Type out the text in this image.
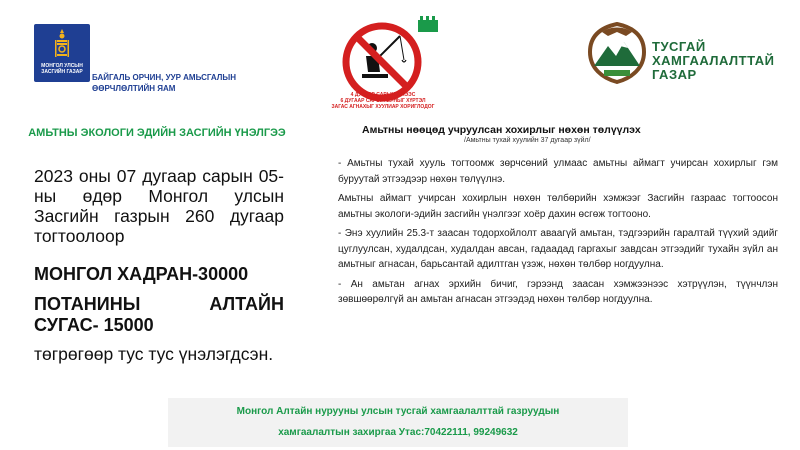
МОНГОЛ УЛСЫН ЗАСГИЙН ГАЗАР
БАЙГАЛЬ ОРЧИН, УУР АМЬСГАЛЫН
ӨӨРЧЛӨЛТИЙН ЯАМ
4 ДУГЭЭР САРЫН 1-НЭЭС
6 ДУГААР САРЫН 15-НЫГ ХҮРТЭЛ
ЗАГАС АГНАХЫГ ХУУЛИАР ХОРИГЛОДОГ
ТУСГАЙ
ХАМГААЛАЛТТАЙ
ГАЗАР
АМЬТНЫ ЭКОЛОГИ ЭДИЙН ЗАСГИЙН ҮНЭЛГЭЭ
2023 оны 07 дугаар сарын 05-ны өдөр Монгол улсын Засгийн газрын 260 дугаар тогтоолоор
МОНГОЛ ХАДРАН-30000
ПОТАНИНЫ АЛТАЙН СУГАС- 15000
төгрөгөөр тус тус үнэлэгдсэн.
Амьтны нөөцөд учруулсан хохирлыг нөхөн төлүүлэх
/Амьтны тухай хуулийн 37 дугаар зүйл/

- Амьтны тухай хууль тогтоомж зөрчсөний улмаас амьтны аймагт учирсан хохирлыг гэм буруутай этгээдээр нөхөн төлүүлнэ.

Амьтны аймагт учирсан хохирлын нөхөн төлбөрийн хэмжээг Засгийн газраас тогтоосон амьтны экологи-эдийн засгийн үнэлгээг хоёр дахин өсгөж тогтооно.

- Энэ хуулийн 25.3-т заасан тодорхойлолт аваагүй амьтан, тэдгээрийн гаралтай түүхий эдийг цуглуулсан, худалдсан, худалдан авсан, гадаадад гаргахыг завдсан этгээдийг тухайн зүйл ан амьтныг агнасан, барьсантай адилтган үзэж, нөхөн төлбөр ногдуулна.

- Ан амьтан агнах эрхийн бичиг, гэрээнд заасан хэмжээнээс хэтрүүлэн, түүнчлэн зөвшөөрөлгүй ан амьтан агнасан этгээдэд нөхөн төлбөр ногдуулна.

Монгол Алтайн нурууны улсын тусгай хамгаалалттай газруудын
хамгаалалтын захиргаа Утас:70422111, 99249632
